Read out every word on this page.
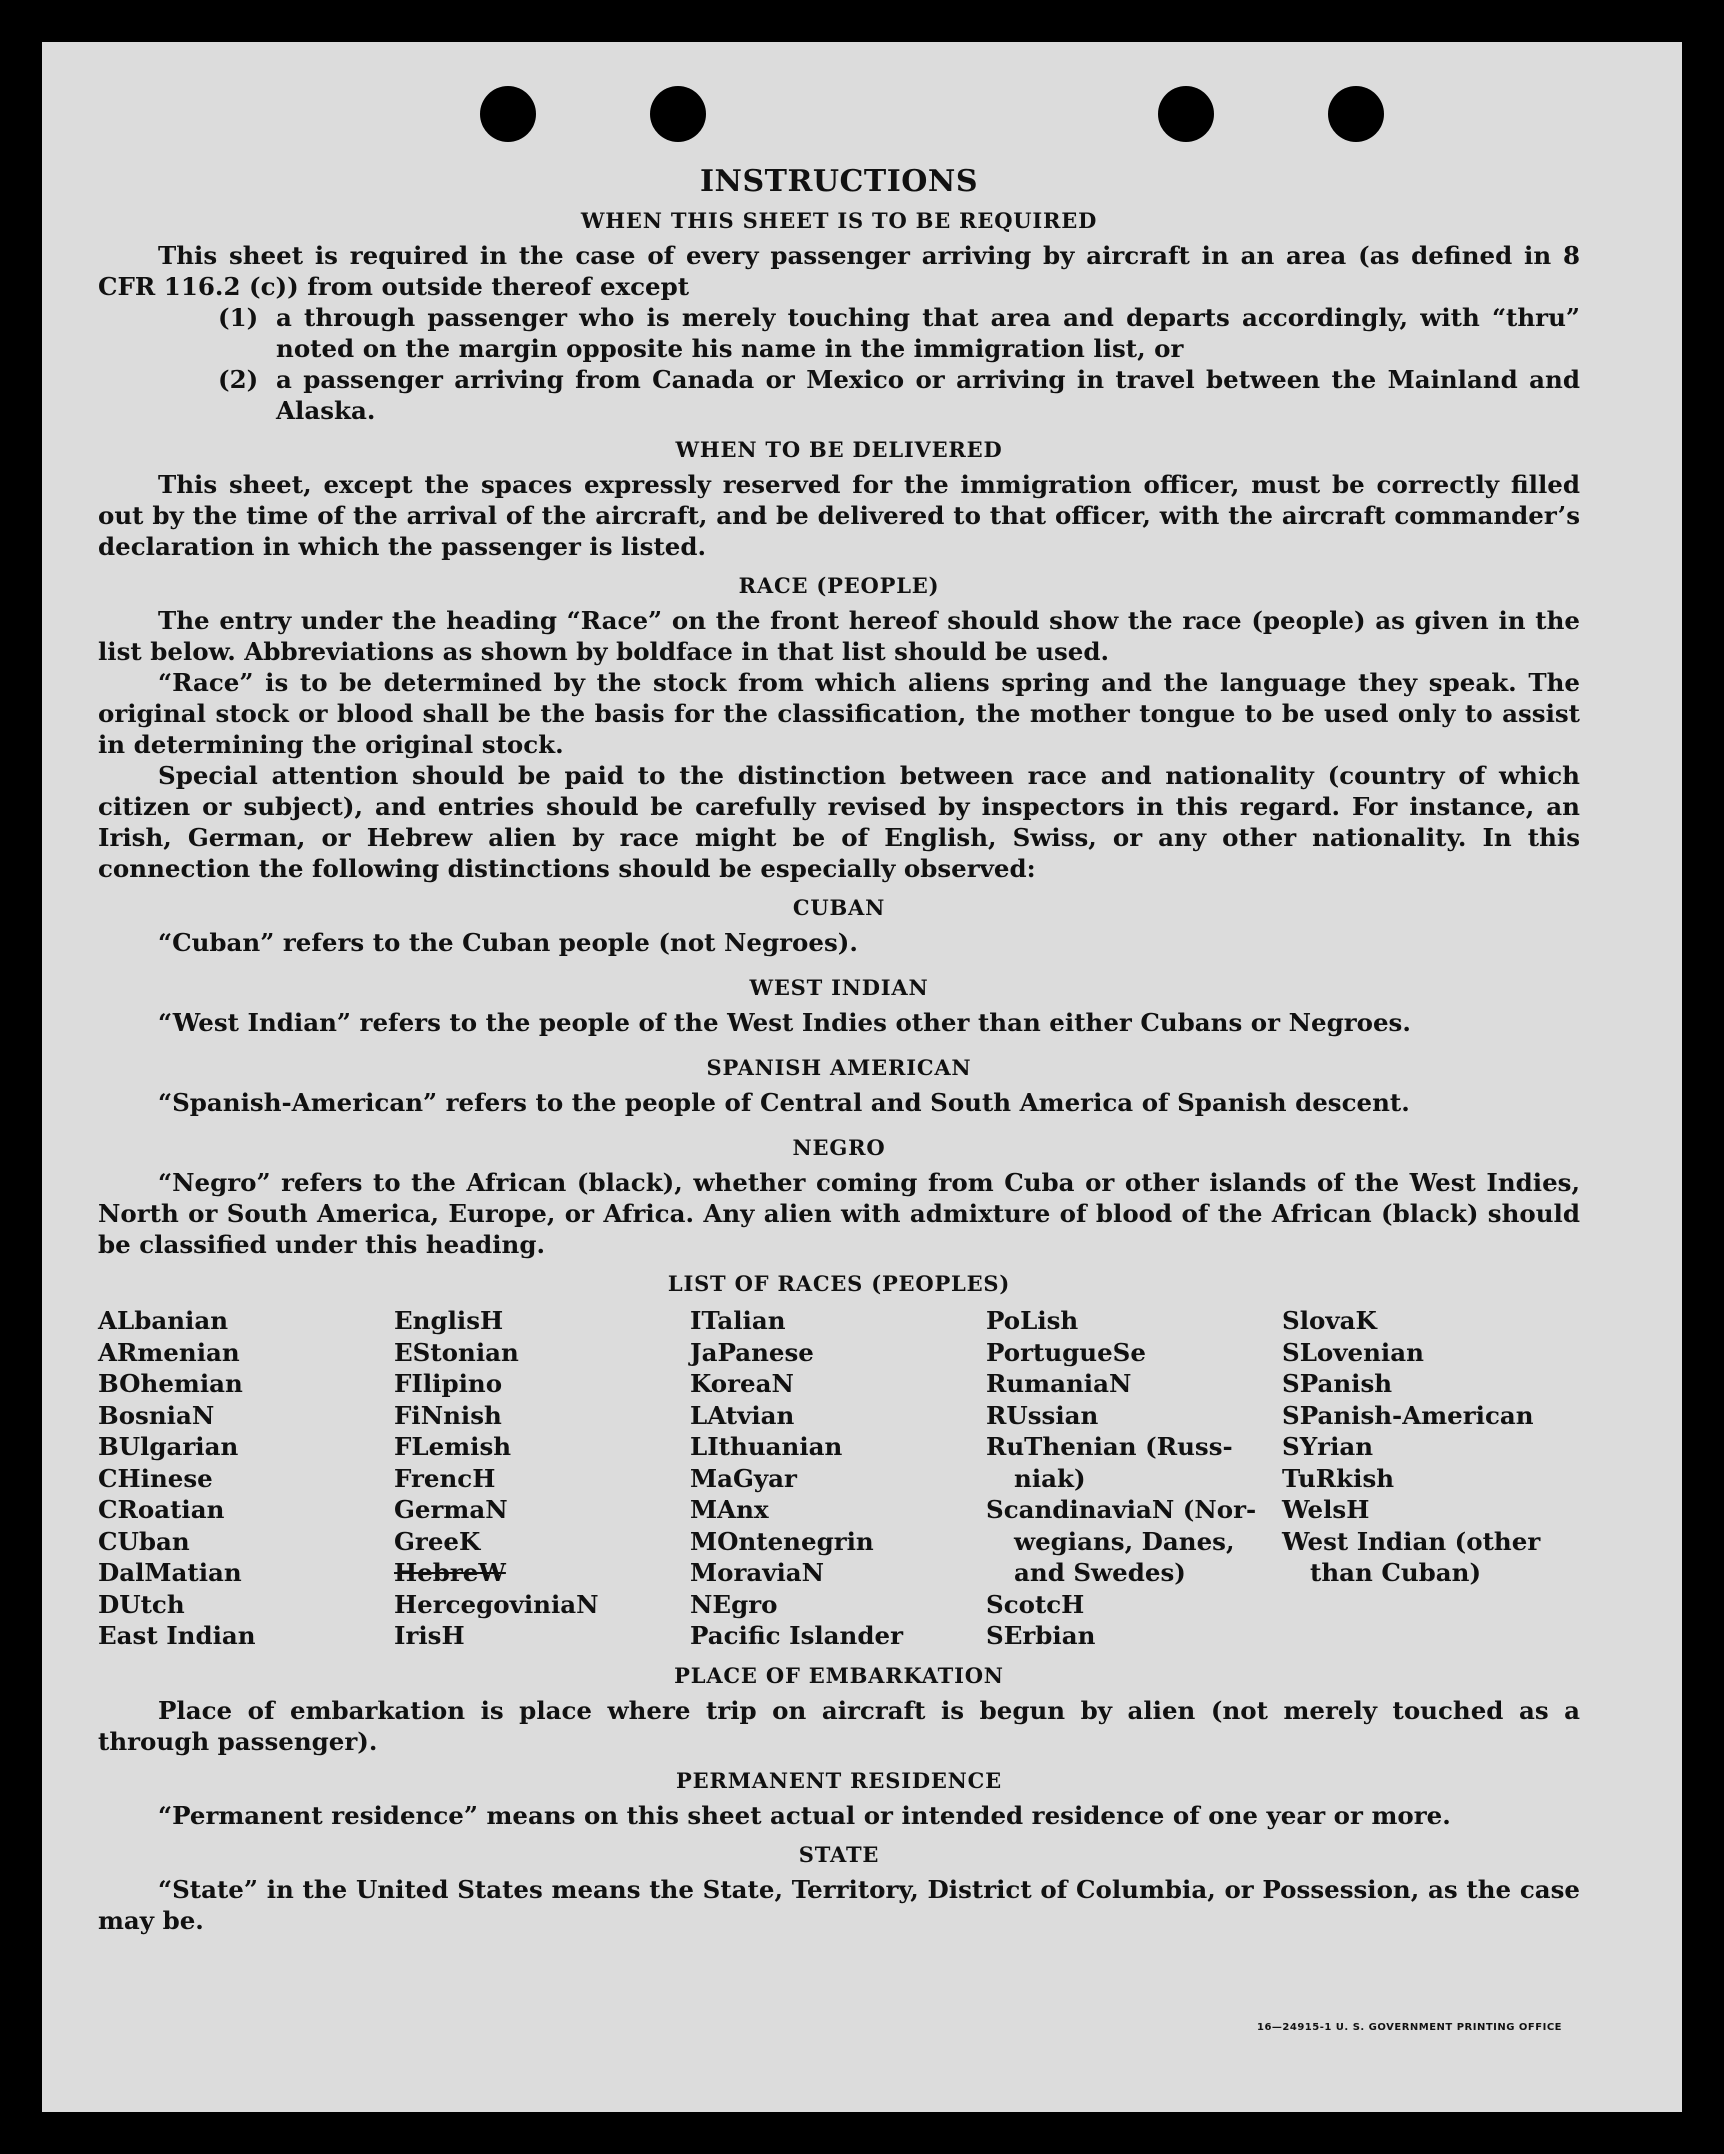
INSTRUCTIONS
WHEN THIS SHEET IS TO BE REQUIRED

This sheet is required in the case of every passenger arriving by aircraft in an area (as defined in 8 CFR 116.2 (c)) from outside thereof except

(1) a through passenger who is merely touching that area and departs accordingly, with “thru” noted on the margin opposite his name in the immigration list, or
(2) a passenger arriving from Canada or Mexico or arriving in travel between the Mainland and Alaska.
WHEN TO BE DELIVERED

This sheet, except the spaces expressly reserved for the immigration officer, must be correctly filled out by the time of the arrival of the aircraft, and be delivered to that officer, with the aircraft commander’s declaration in which the passenger is listed.

RACE (PEOPLE)

The entry under the heading “Race” on the front hereof should show the race (people) as given in the list below. Abbreviations as shown by boldface in that list should be used.

“Race” is to be determined by the stock from which aliens spring and the language they speak. The original stock or blood shall be the basis for the classification, the mother tongue to be used only to assist in determining the original stock.

Special attention should be paid to the distinction between race and nationality (country of which citizen or subject), and entries should be carefully revised by inspectors in this regard. For instance, an Irish, German, or Hebrew alien by race might be of English, Swiss, or any other nationality. In this connection the following distinctions should be especially observed:

CUBAN

“Cuban” refers to the Cuban people (not Negroes).

WEST INDIAN

“West Indian” refers to the people of the West Indies other than either Cubans or Negroes.

SPANISH AMERICAN

“Spanish-American” refers to the people of Central and South America of Spanish descent.

NEGRO

“Negro” refers to the African (black), whether coming from Cuba or other islands of the West Indies, North or South America, Europe, or Africa. Any alien with admixture of blood of the African (black) should be classified under this heading.

LIST OF RACES (PEOPLES)
ALbanian
ARmenian
BOhemian
BosniaN
BUlgarian
CHinese
CRoatian
CUban
DalMatian
DUtch
East Indian
EnglisH
EStonian
FIlipino
FiNnish
FLemish
FrencH
GermaN
GreeK
HebreW
HercegoviniaN
IrisH
ITalian
JaPanese
KoreaN
LAtvian
LIthuanian
MaGyar
MAnx
MOntenegrin
MoraviaN
NEgro
Pacific Islander
PoLish
PortugueSe
RumaniaN
RUssian
RuThenian (Russ-
niak)
ScandinaviaN (Nor-
wegians, Danes,
and Swedes)
ScotcH
SErbian
SlovaK
SLovenian
SPanish
SPanish-American
SYrian
TuRkish
WelsH
West Indian (other
than Cuban)

PLACE OF EMBARKATION

Place of embarkation is place where trip on aircraft is begun by alien (not merely touched as a through passenger).

PERMANENT RESIDENCE

“Permanent residence” means on this sheet actual or intended residence of one year or more.

STATE

“State” in the United States means the State, Territory, District of Columbia, or Possession, as the case may be.

16—24915-1 U. S. GOVERNMENT PRINTING OFFICE
